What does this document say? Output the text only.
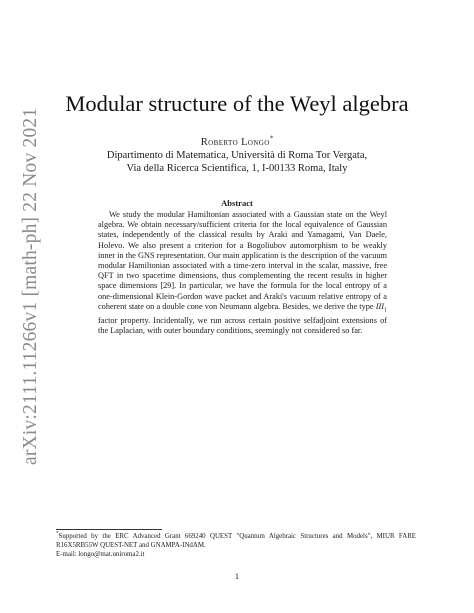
arXiv:2111.11266v1 [math-ph] 22 Nov 2021
Modular structure of the Weyl algebra
Roberto Longo*
Dipartimento di Matematica, Università di Roma Tor Vergata,
Via della Ricerca Scientifica, 1, I-00133 Roma, Italy
Abstract
We study the modular Hamiltonian associated with a Gaussian state on the Weyl algebra. We obtain necessary/sufficient criteria for the local equivalence of Gaussian states, independently of the classical results by Araki and Yamagami, Van Daele, Holevo. We also present a criterion for a Bogoliubov automorphism to be weakly inner in the GNS representation. Our main application is the description of the vacuum modular Hamiltonian associated with a time-zero interval in the scalar, massive, free QFT in two spacetime dimensions, thus complementing the recent results in higher space dimensions [29]. In particular, we have the formula for the local entropy of a one-dimensional Klein-Gordon wave packet and Araki's vacuum relative entropy of a coherent state on a double cone von Neumann algebra. Besides, we derive the type $III_1$ factor property. Incidentally, we run across certain positive selfadjoint extensions of the Laplacian, with outer boundary conditions, seemingly not considered so far.
*Supported by the ERC Advanced Grant 669240 QUEST "Quantum Algebraic Structures and Models", MIUR FARE R16X5RB55W QUEST-NET and GNAMPA-INdAM.
E-mail: longo@mat.uniroma2.it
1
